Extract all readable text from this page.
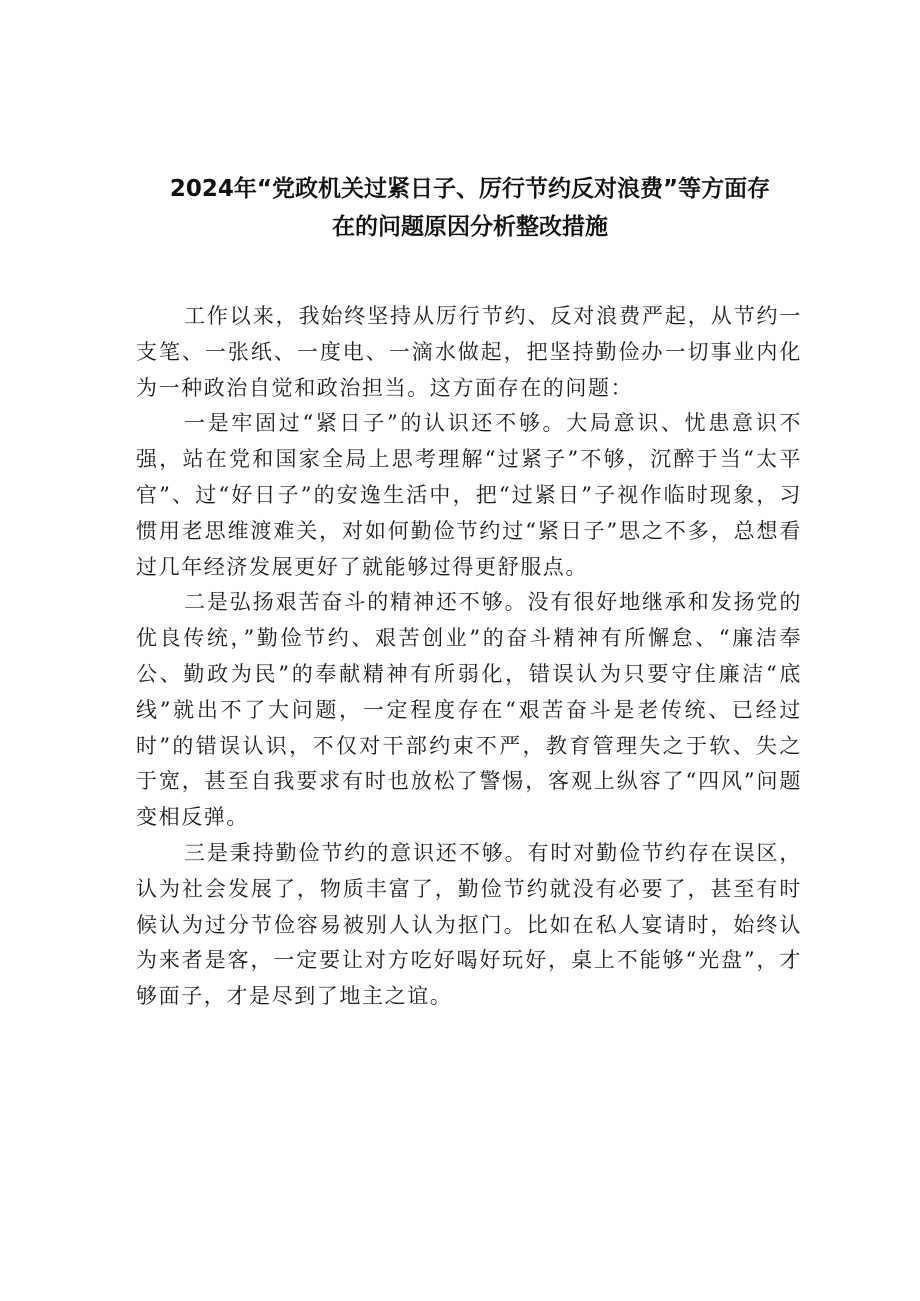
2024年“党政机关过紧日子、厉行节约反对浪费”等方面存
在的问题原因分析整改措施

工作以来，我始终坚持从厉行节约、反对浪费严起，从节约一支笔、一张纸、一度电、一滴水做起，把坚持勤俭办一切事业内化为一种政治自觉和政治担当。这方面存在的问题：

一是牢固过“紧日子”的认识还不够。大局意识、忧患意识不强，站在党和国家全局上思考理解“过紧子”不够，沉醉于当“太平官”、过“好日子”的安逸生活中，把“过紧日”子视作临时现象，习惯用老思维渡难关，对如何勤俭节约过“紧日子”思之不多，总想看过几年经济发展更好了就能够过得更舒服点。

二是弘扬艰苦奋斗的精神还不够。没有很好地继承和发扬党的优良传统，”勤俭节约、艰苦创业”的奋斗精神有所懈怠、“廉洁奉公、勤政为民”的奉献精神有所弱化，错误认为只要守住廉洁“底线”就出不了大问题，一定程度存在“艰苦奋斗是老传统、已经过时”的错误认识，不仅对干部约束不严，教育管理失之于软、失之于宽，甚至自我要求有时也放松了警惕，客观上纵容了“四风”问题变相反弹。

三是秉持勤俭节约的意识还不够。有时对勤俭节约存在误区，认为社会发展了，物质丰富了，勤俭节约就没有必要了，甚至有时候认为过分节俭容易被别人认为抠门。比如在私人宴请时，始终认为来者是客，一定要让对方吃好喝好玩好，桌上不能够“光盘”，才够面子，才是尽到了地主之谊。
